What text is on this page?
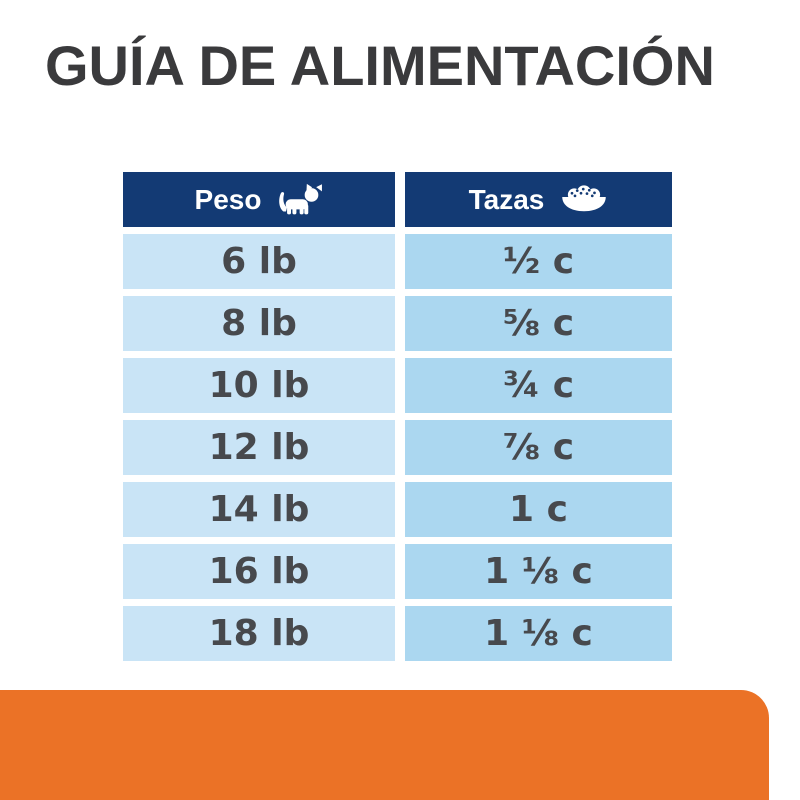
GUÍA DE ALIMENTACIÓN
Peso	Tazas
6 lb	½ c
8 lb	⅝ c
10 lb	¾ c
12 lb	⅞ c
14 lb	1 c
16 lb	1 ⅛ c
18 lb	1 ⅛ c
